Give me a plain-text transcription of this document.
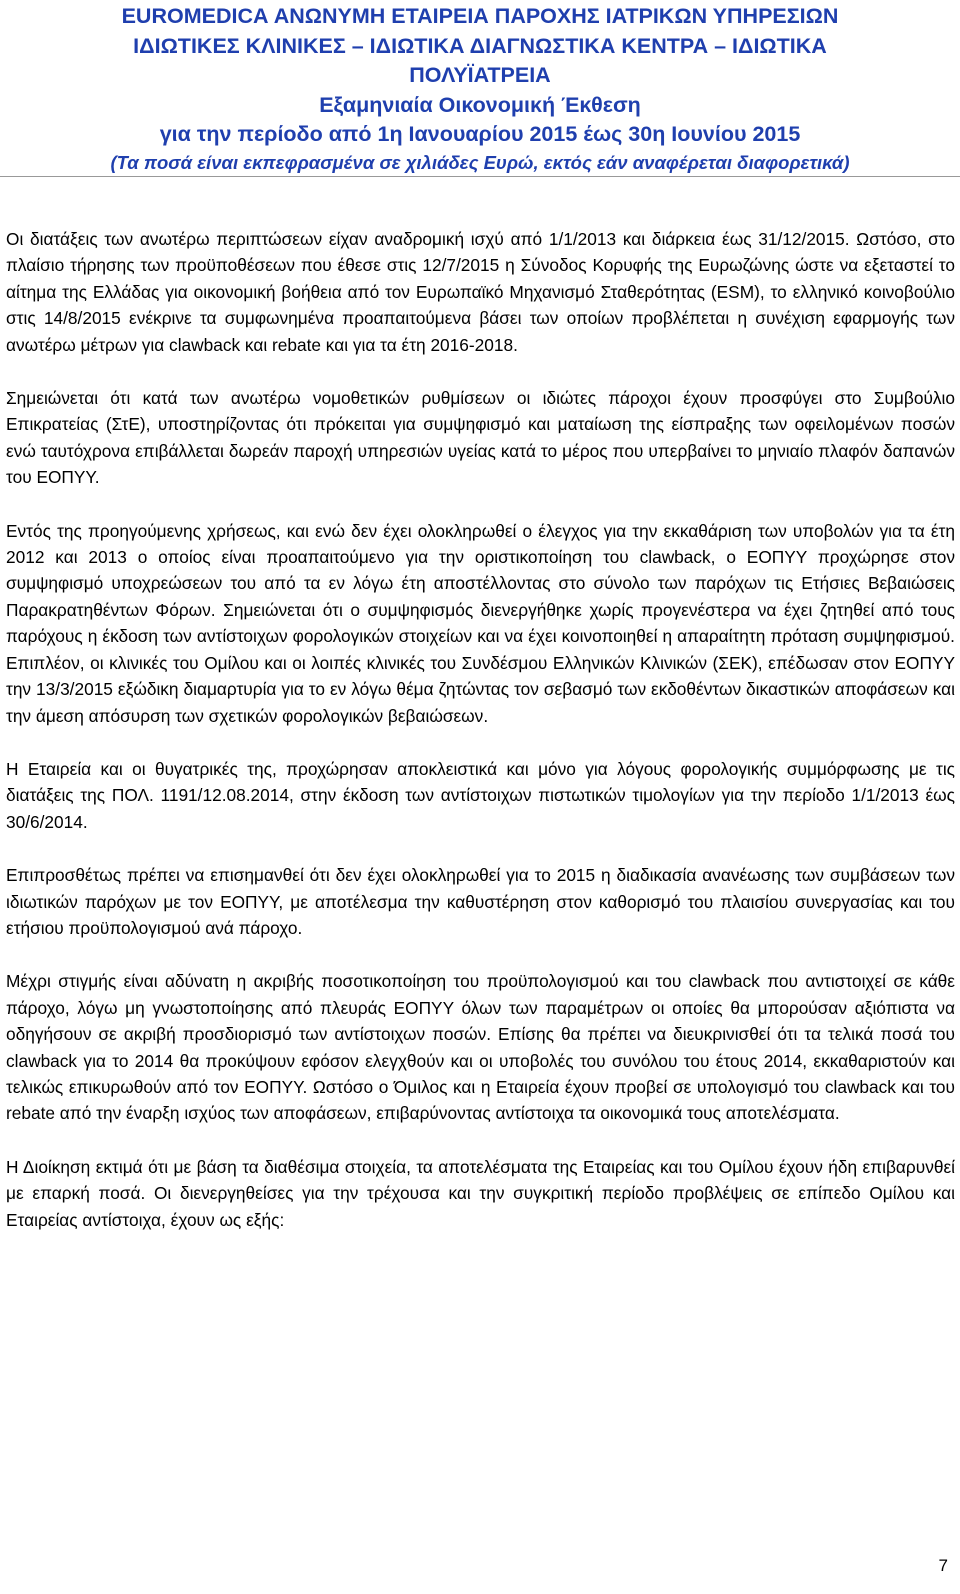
EUROMEDICA ΑΝΩΝΥΜΗ ΕΤΑΙΡΕΙΑ ΠΑΡΟΧΗΣ ΙΑΤΡΙΚΩΝ ΥΠΗΡΕΣΙΩΝ
ΙΔΙΩΤΙΚΕΣ ΚΛΙΝΙΚΕΣ – ΙΔΙΩΤΙΚΑ ΔΙΑΓΝΩΣΤΙΚΑ ΚΕΝΤΡΑ – ΙΔΙΩΤΙΚΑ
ΠΟΛΥΪΑΤΡΕΙΑ
Εξαμηνιαία Οικονομική Έκθεση
για την περίοδο από 1η Ιανουαρίου 2015 έως 30η Ιουνίου 2015
(Τα ποσά είναι εκπεφρασμένα σε χιλιάδες Ευρώ, εκτός εάν αναφέρεται διαφορετικά)

Οι διατάξεις των ανωτέρω περιπτώσεων είχαν αναδρομική ισχύ από 1/1/2013 και διάρκεια έως 31/12/2015. Ωστόσο, στο πλαίσιο τήρησης των προϋποθέσεων που έθεσε στις 12/7/2015 η Σύνοδος Κορυφής της Ευρωζώνης ώστε να εξεταστεί το αίτημα της Ελλάδας για οικονομική βοήθεια από τον Ευρωπαϊκό Μηχανισμό Σταθερότητας (ESM), το ελληνικό κοινοβούλιο στις 14/8/2015 ενέκρινε τα συμφωνημένα προαπαιτούμενα βάσει των οποίων προβλέπεται η συνέχιση εφαρμογής των ανωτέρω μέτρων για clawback και rebate και για τα έτη 2016-2018.

Σημειώνεται ότι κατά των ανωτέρω νομοθετικών ρυθμίσεων οι ιδιώτες πάροχοι έχουν προσφύγει στο Συμβούλιο Επικρατείας (ΣτΕ), υποστηρίζοντας ότι πρόκειται για συμψηφισμό και ματαίωση της είσπραξης των οφειλομένων ποσών ενώ ταυτόχρονα επιβάλλεται δωρεάν παροχή υπηρεσιών υγείας κατά το μέρος που υπερβαίνει το μηνιαίο πλαφόν δαπανών του ΕΟΠΥΥ.

Εντός της προηγούμενης χρήσεως, και ενώ δεν έχει ολοκληρωθεί ο έλεγχος για την εκκαθάριση των υποβολών για τα έτη 2012 και 2013 ο οποίος είναι προαπαιτούμενο για την οριστικοποίηση του clawback, ο ΕΟΠΥΥ προχώρησε στον συμψηφισμό υποχρεώσεων του από τα εν λόγω έτη αποστέλλοντας στο σύνολο των παρόχων τις Ετήσιες Βεβαιώσεις Παρακρατηθέντων Φόρων. Σημειώνεται ότι ο συμψηφισμός διενεργήθηκε χωρίς προγενέστερα να έχει ζητηθεί από τους παρόχους η έκδοση των αντίστοιχων φορολογικών στοιχείων και να έχει κοινοποιηθεί η απαραίτητη πρόταση συμψηφισμού. Επιπλέον, οι κλινικές του Ομίλου και οι λοιπές κλινικές του Συνδέσμου Ελληνικών Κλινικών (ΣΕΚ), επέδωσαν στον ΕΟΠΥΥ την 13/3/2015 εξώδικη διαμαρτυρία για το εν λόγω θέμα ζητώντας τον σεβασμό των εκδοθέντων δικαστικών αποφάσεων και την άμεση απόσυρση των σχετικών φορολογικών βεβαιώσεων.

Η Εταιρεία και οι θυγατρικές της, προχώρησαν αποκλειστικά και μόνο για λόγους φορολογικής συμμόρφωσης με τις διατάξεις της ΠΟΛ. 1191/12.08.2014, στην έκδοση των αντίστοιχων πιστωτικών τιμολογίων για την περίοδο 1/1/2013 έως 30/6/2014.

Επιπροσθέτως πρέπει να επισημανθεί ότι δεν έχει ολοκληρωθεί για το 2015 η διαδικασία ανανέωσης των συμβάσεων των ιδιωτικών παρόχων με τον ΕΟΠΥΥ, με αποτέλεσμα την καθυστέρηση στον καθορισμό του πλαισίου συνεργασίας και του ετήσιου προϋπολογισμού ανά πάροχο.

Μέχρι στιγμής είναι αδύνατη η ακριβής ποσοτικοποίηση του προϋπολογισμού και του clawback που αντιστοιχεί σε κάθε πάροχο, λόγω μη γνωστοποίησης από πλευράς ΕΟΠΥΥ όλων των παραμέτρων οι οποίες θα μπορούσαν αξιόπιστα να οδηγήσουν σε ακριβή προσδιορισμό των αντίστοιχων ποσών. Επίσης θα πρέπει να διευκρινισθεί ότι τα τελικά ποσά του clawback για το 2014 θα προκύψουν εφόσον ελεγχθούν και οι υποβολές του συνόλου του έτους 2014, εκκαθαριστούν και τελικώς επικυρωθούν από τον ΕΟΠΥΥ. Ωστόσο ο Όμιλος και η Εταιρεία έχουν προβεί σε υπολογισμό του clawback και του rebate από την έναρξη ισχύος των αποφάσεων, επιβαρύνοντας αντίστοιχα τα οικονομικά τους αποτελέσματα.

Η Διοίκηση εκτιμά ότι με βάση τα διαθέσιμα στοιχεία, τα αποτελέσματα της Εταιρείας και του Ομίλου έχουν ήδη επιβαρυνθεί με επαρκή ποσά. Οι διενεργηθείσες για την τρέχουσα και την συγκριτική περίοδο προβλέψεις σε επίπεδο Ομίλου και Εταιρείας αντίστοιχα, έχουν ως εξής:

7
